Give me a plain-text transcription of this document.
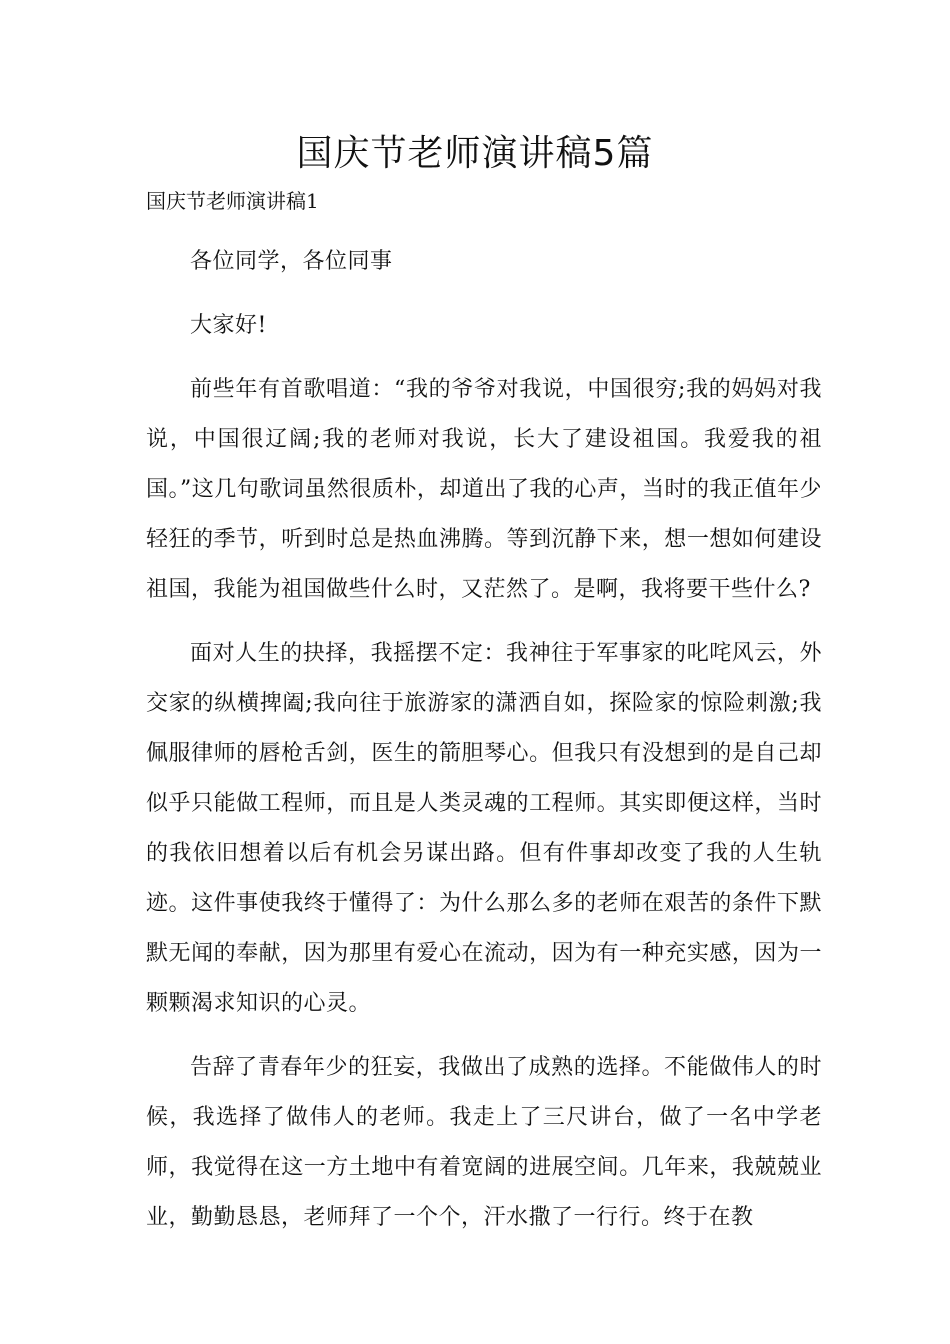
国庆节老师演讲稿5篇

国庆节老师演讲稿1

各位同学，各位同事

大家好!

前些年有首歌唱道：“我的爷爷对我说，中国很穷;我的妈妈对我说，中国很辽阔;我的老师对我说，长大了建设祖国。我爱我的祖国。”这几句歌词虽然很质朴，却道出了我的心声，当时的我正值年少轻狂的季节，听到时总是热血沸腾。等到沉静下来，想一想如何建设祖国，我能为祖国做些什么时，又茫然了。是啊，我将要干些什么?

面对人生的抉择，我摇摆不定：我神往于军事家的叱咤风云，外交家的纵横捭阖;我向往于旅游家的潇洒自如，探险家的惊险刺激;我佩服律师的唇枪舌剑，医生的箭胆琴心。但我只有没想到的是自己却似乎只能做工程师，而且是人类灵魂的工程师。其实即便这样，当时的我依旧想着以后有机会另谋出路。但有件事却改变了我的人生轨迹。这件事使我终于懂得了：为什么那么多的老师在艰苦的条件下默默无闻的奉献，因为那里有爱心在流动，因为有一种充实感，因为一颗颗渴求知识的心灵。

告辞了青春年少的狂妄，我做出了成熟的选择。不能做伟人的时候，我选择了做伟人的老师。我走上了三尺讲台，做了一名中学老师，我觉得在这一方土地中有着宽阔的进展空间。几年来，我兢兢业业，勤勤恳恳，老师拜了一个个，汗水撒了一行行。终于在教
